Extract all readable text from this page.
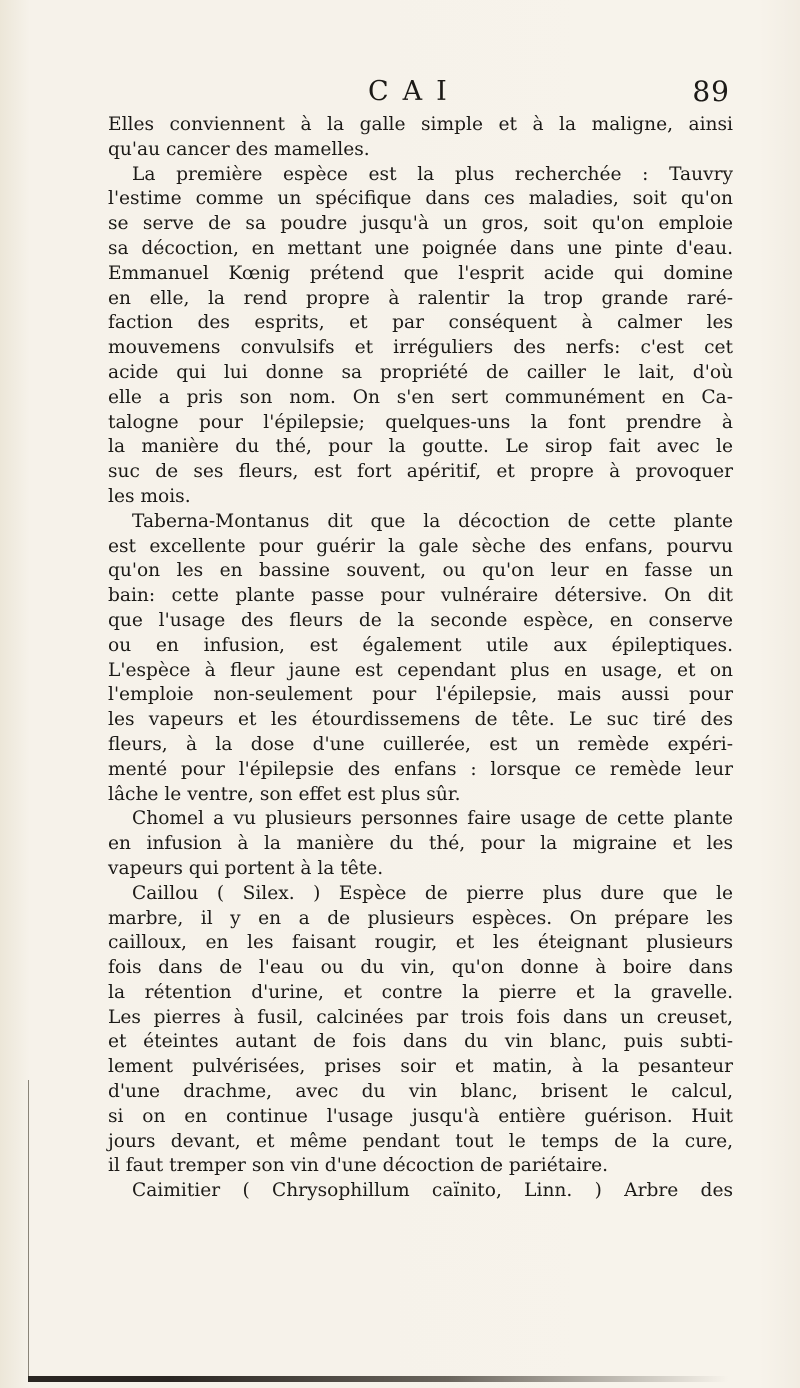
CAI	89
Elles conviennent à la galle simple et à la maligne, ainsi
qu'au cancer des mamelles.
La première espèce est la plus recherchée : Tauvry
l'estime comme un spécifique dans ces maladies, soit qu'on
se serve de sa poudre jusqu'à un gros, soit qu'on emploie
sa décoction, en mettant une poignée dans une pinte d'eau.
Emmanuel Kœnig prétend que l'esprit acide qui domine
en elle, la rend propre à ralentir la trop grande raré-
faction des esprits, et par conséquent à calmer les
mouvemens convulsifs et irréguliers des nerfs: c'est cet
acide qui lui donne sa propriété de cailler le lait, d'où
elle a pris son nom. On s'en sert communément en Ca-
talogne pour l'épilepsie; quelques-uns la font prendre à
la manière du thé, pour la goutte. Le sirop fait avec le
suc de ses fleurs, est fort apéritif, et propre à provoquer
les mois.
Taberna-Montanus dit que la décoction de cette plante
est excellente pour guérir la gale sèche des enfans, pourvu
qu'on les en bassine souvent, ou qu'on leur en fasse un
bain: cette plante passe pour vulnéraire détersive. On dit
que l'usage des fleurs de la seconde espèce, en conserve
ou en infusion, est également utile aux épileptiques.
L'espèce à fleur jaune est cependant plus en usage, et on
l'emploie non-seulement pour l'épilepsie, mais aussi pour
les vapeurs et les étourdissemens de tête. Le suc tiré des
fleurs, à la dose d'une cuillerée, est un remède expéri-
menté pour l'épilepsie des enfans : lorsque ce remède leur
lâche le ventre, son effet est plus sûr.
Chomel a vu plusieurs personnes faire usage de cette plante
en infusion à la manière du thé, pour la migraine et les
vapeurs qui portent à la tête.
Caillou ( Silex. ) Espèce de pierre plus dure que le
marbre, il y en a de plusieurs espèces. On prépare les
cailloux, en les faisant rougir, et les éteignant plusieurs
fois dans de l'eau ou du vin, qu'on donne à boire dans
la rétention d'urine, et contre la pierre et la gravelle.
Les pierres à fusil, calcinées par trois fois dans un creuset,
et éteintes autant de fois dans du vin blanc, puis subti-
lement pulvérisées, prises soir et matin, à la pesanteur
d'une drachme, avec du vin blanc, brisent le calcul,
si on en continue l'usage jusqu'à entière guérison. Huit
jours devant, et même pendant tout le temps de la cure,
il faut tremper son vin d'une décoction de pariétaire.
Caimitier ( Chrysophillum caïnito, Linn. ) Arbre des
